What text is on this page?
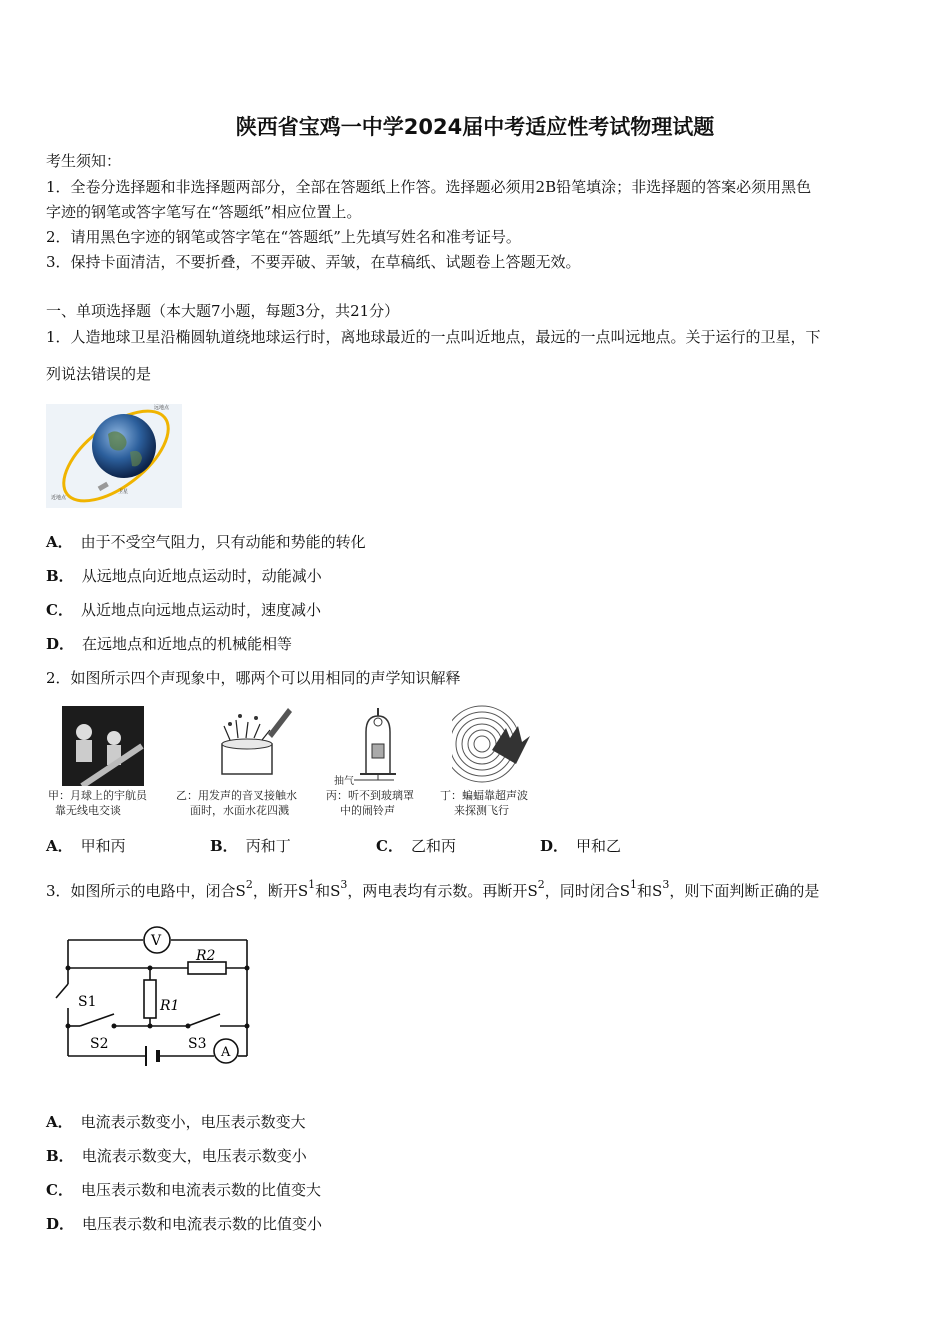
陕西省宝鸡一中学2024届中考适应性考试物理试题
考生须知：
1．全卷分选择题和非选择题两部分，全部在答题纸上作答。选择题必须用2B铅笔填涂；非选择题的答案必须用黑色
字迹的钢笔或答字笔写在“答题纸”相应位置上。
2．请用黑色字迹的钢笔或答字笔在“答题纸”上先填写姓名和准考证号。
3．保持卡面清洁，不要折叠，不要弄破、弄皱，在草稿纸、试题卷上答题无效。
一、单项选择题（本大题7小题，每题3分，共21分）
1．人造地球卫星沿椭圆轨道绕地球运行时，离地球最近的一点叫近地点，最远的一点叫远地点。关于运行的卫星，下
列说法错误的是
远地点
近地点
卫星
A． 由于不受空气阻力，只有动能和势能的转化
B． 从远地点向近地点运动时，动能减小
C． 从近地点向远地点运动时，速度减小
D． 在远地点和近地点的机械能相等
2．如图所示四个声现象中，哪两个可以用相同的声学知识解释
甲：月球上的宇航员
靠无线电交谈
乙：用发声的音叉接触水
面时，水面水花四溅
抽气
丙：听不到玻璃罩
中的闹铃声
丁：蝙蝠靠超声波
来探测飞行
A． 甲和丙	B． 丙和丁	C． 乙和丙	D． 甲和乙
3．如图所示的电路中，闭合$S^2$，断开$S^1$和$S^3$，两电表均有示数。再断开$S^2$，同时闭合$S^1$和$S^3$，则下面判断正确的是
V
A
R2
R1
S1
S2	S3
A． 电流表示数变小，电压表示数变大
B． 电流表示数变大，电压表示数变小
C． 电压表示数和电流表示数的比值变大
D． 电压表示数和电流表示数的比值变小
